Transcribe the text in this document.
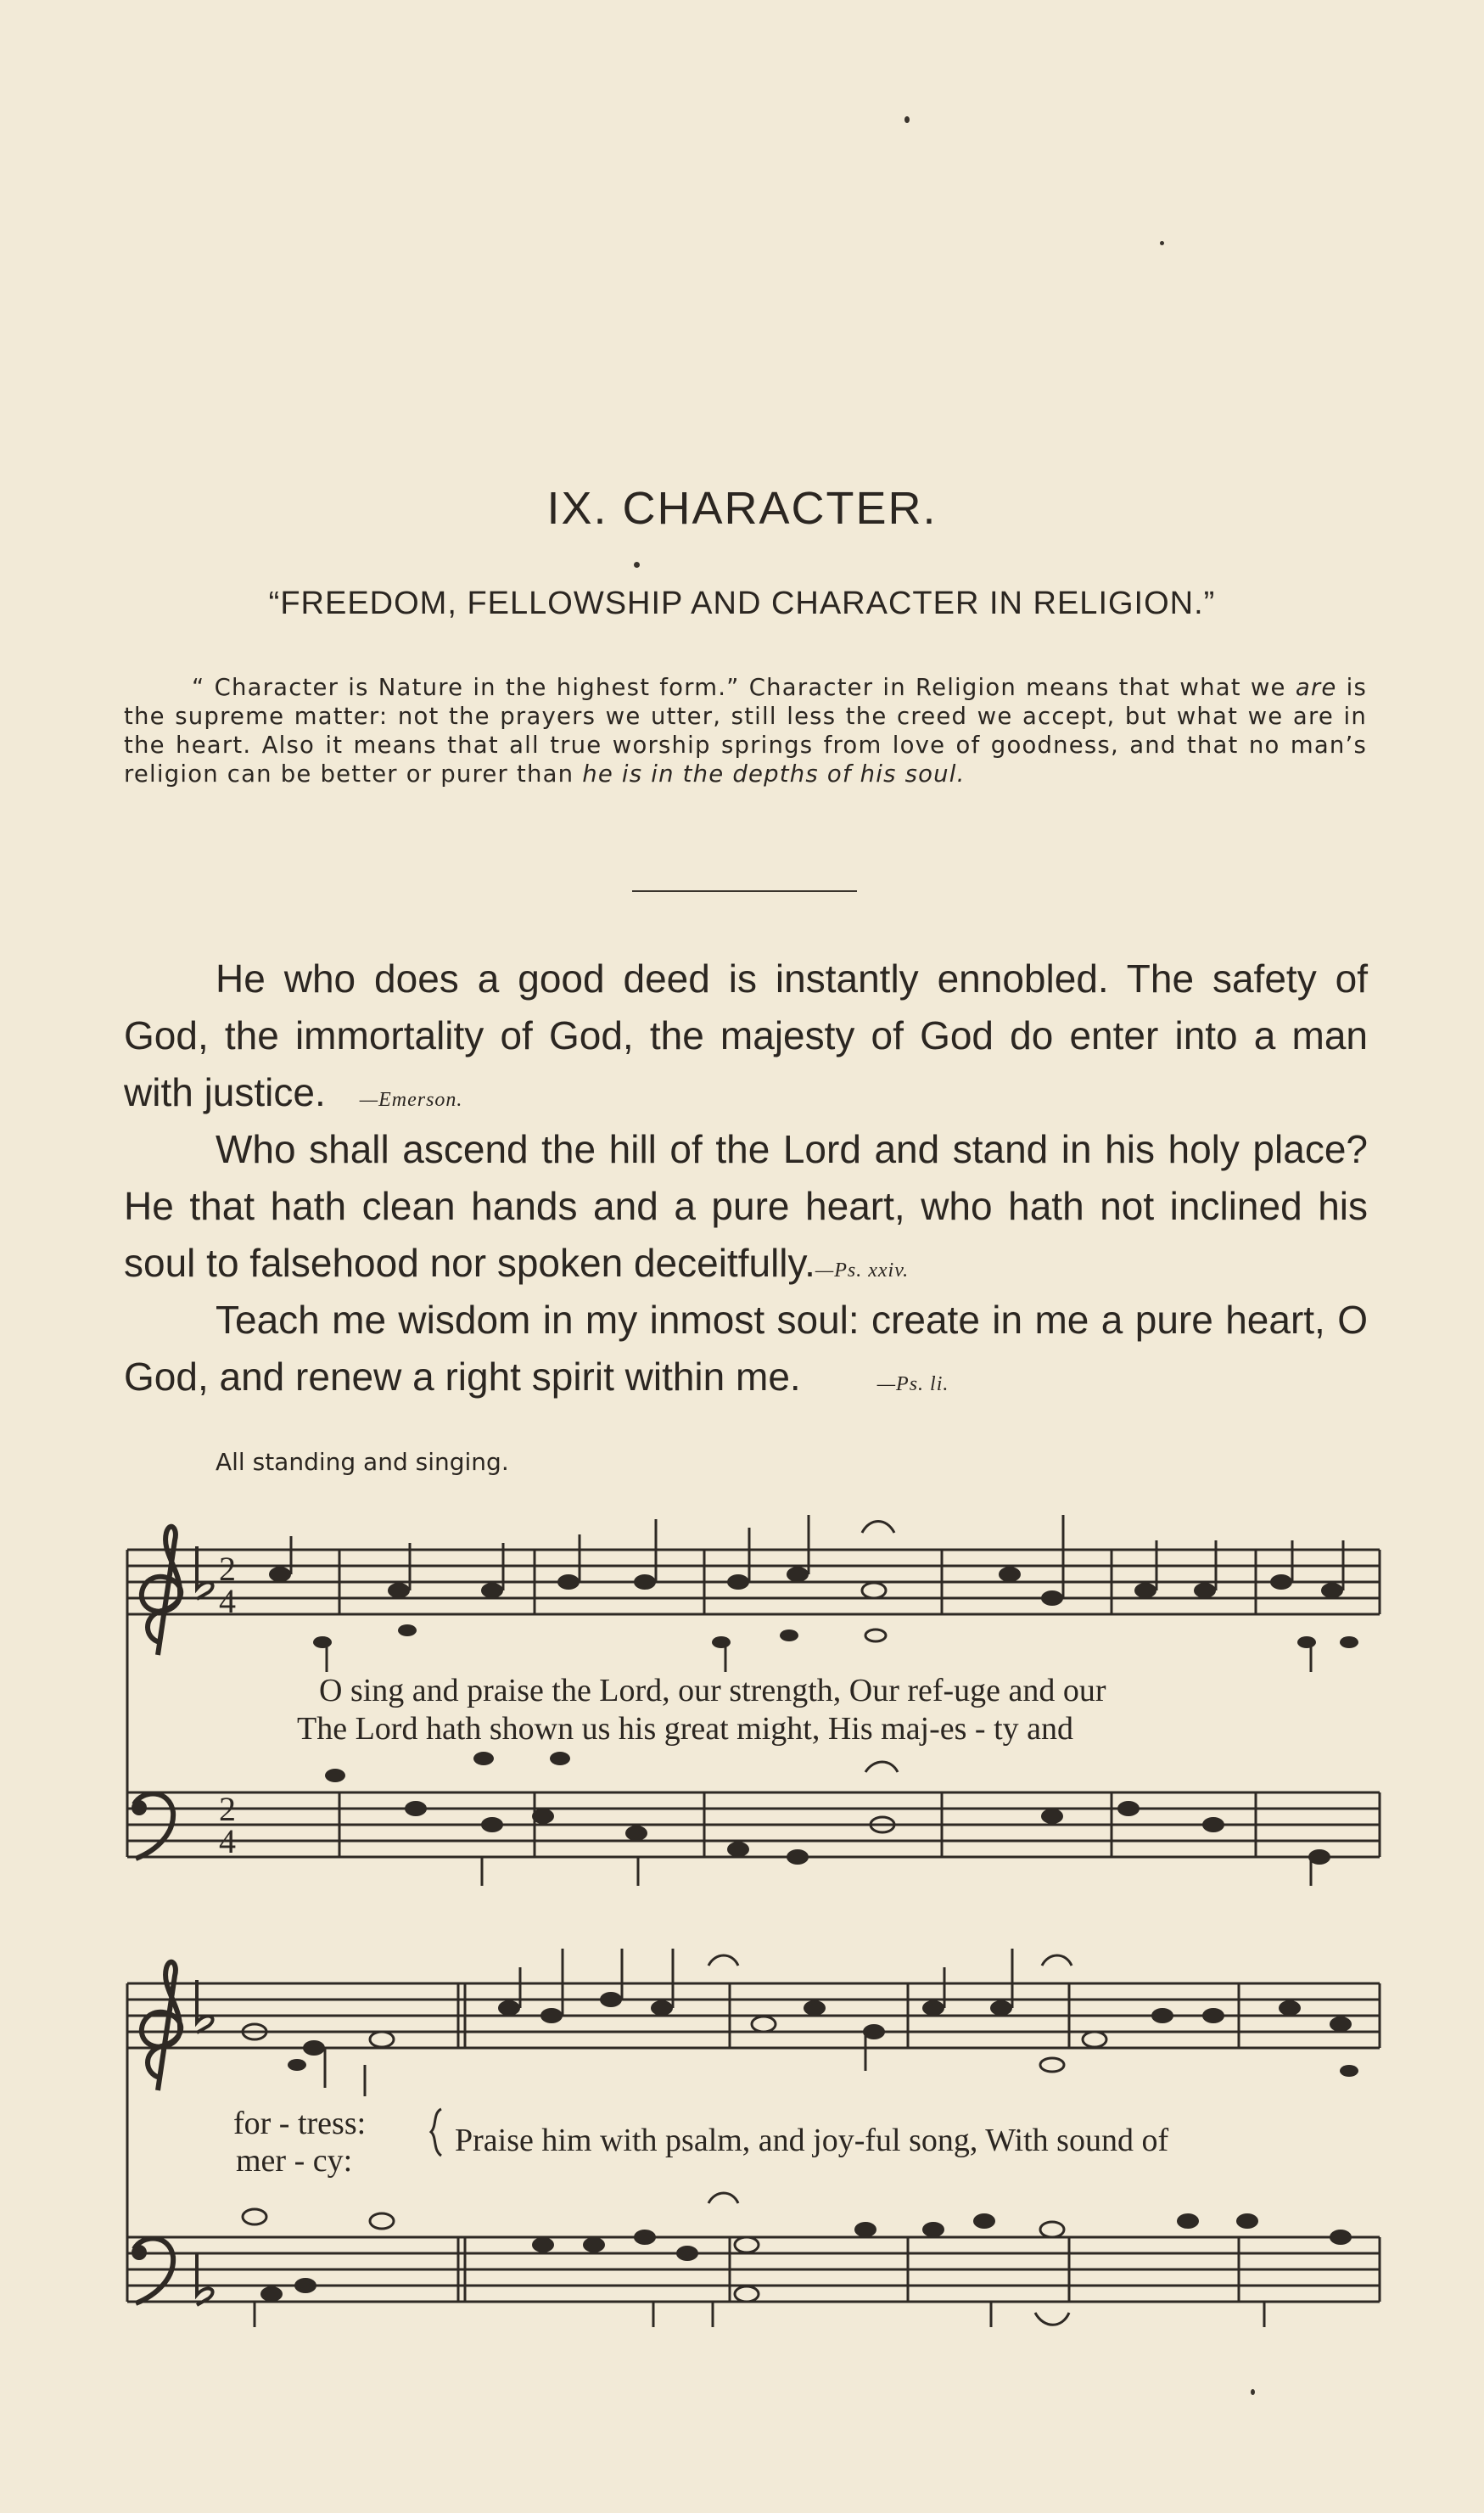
IX. CHARACTER.
“FREEDOM, FELLOWSHIP AND CHARACTER IN RELIGION.”

“ Character is Nature in the highest form.” Character in Religion means that what we are is the supreme matter: not the prayers we utter, still less the creed we accept, but what we are in the heart. Also it means that all true worship springs from love of goodness, and that no man’s religion can be better or purer than he is in the depths of his soul.

He who does a good deed is instantly ennobled. The safety of God, the immortality of God, the majesty of God do enter into a man with justice. —Emerson.

Who shall ascend the hill of the Lord and stand in his holy place? He that hath clean hands and a pure heart, who hath not inclined his soul to falsehood nor spoken deceitfully.—Ps. xxiv.

Teach me wisdom in my inmost soul: create in me a pure heart, O God, and renew a right spirit within me.	—Ps. li.

All standing and singing.
2
4
2
4
O sing and praise the Lord, our strength, Our ref-uge and our
The Lord hath shown us his great might, His maj-es - ty and
for - tress:
mer - cy:
Praise him with psalm, and joy-ful song, With sound of
